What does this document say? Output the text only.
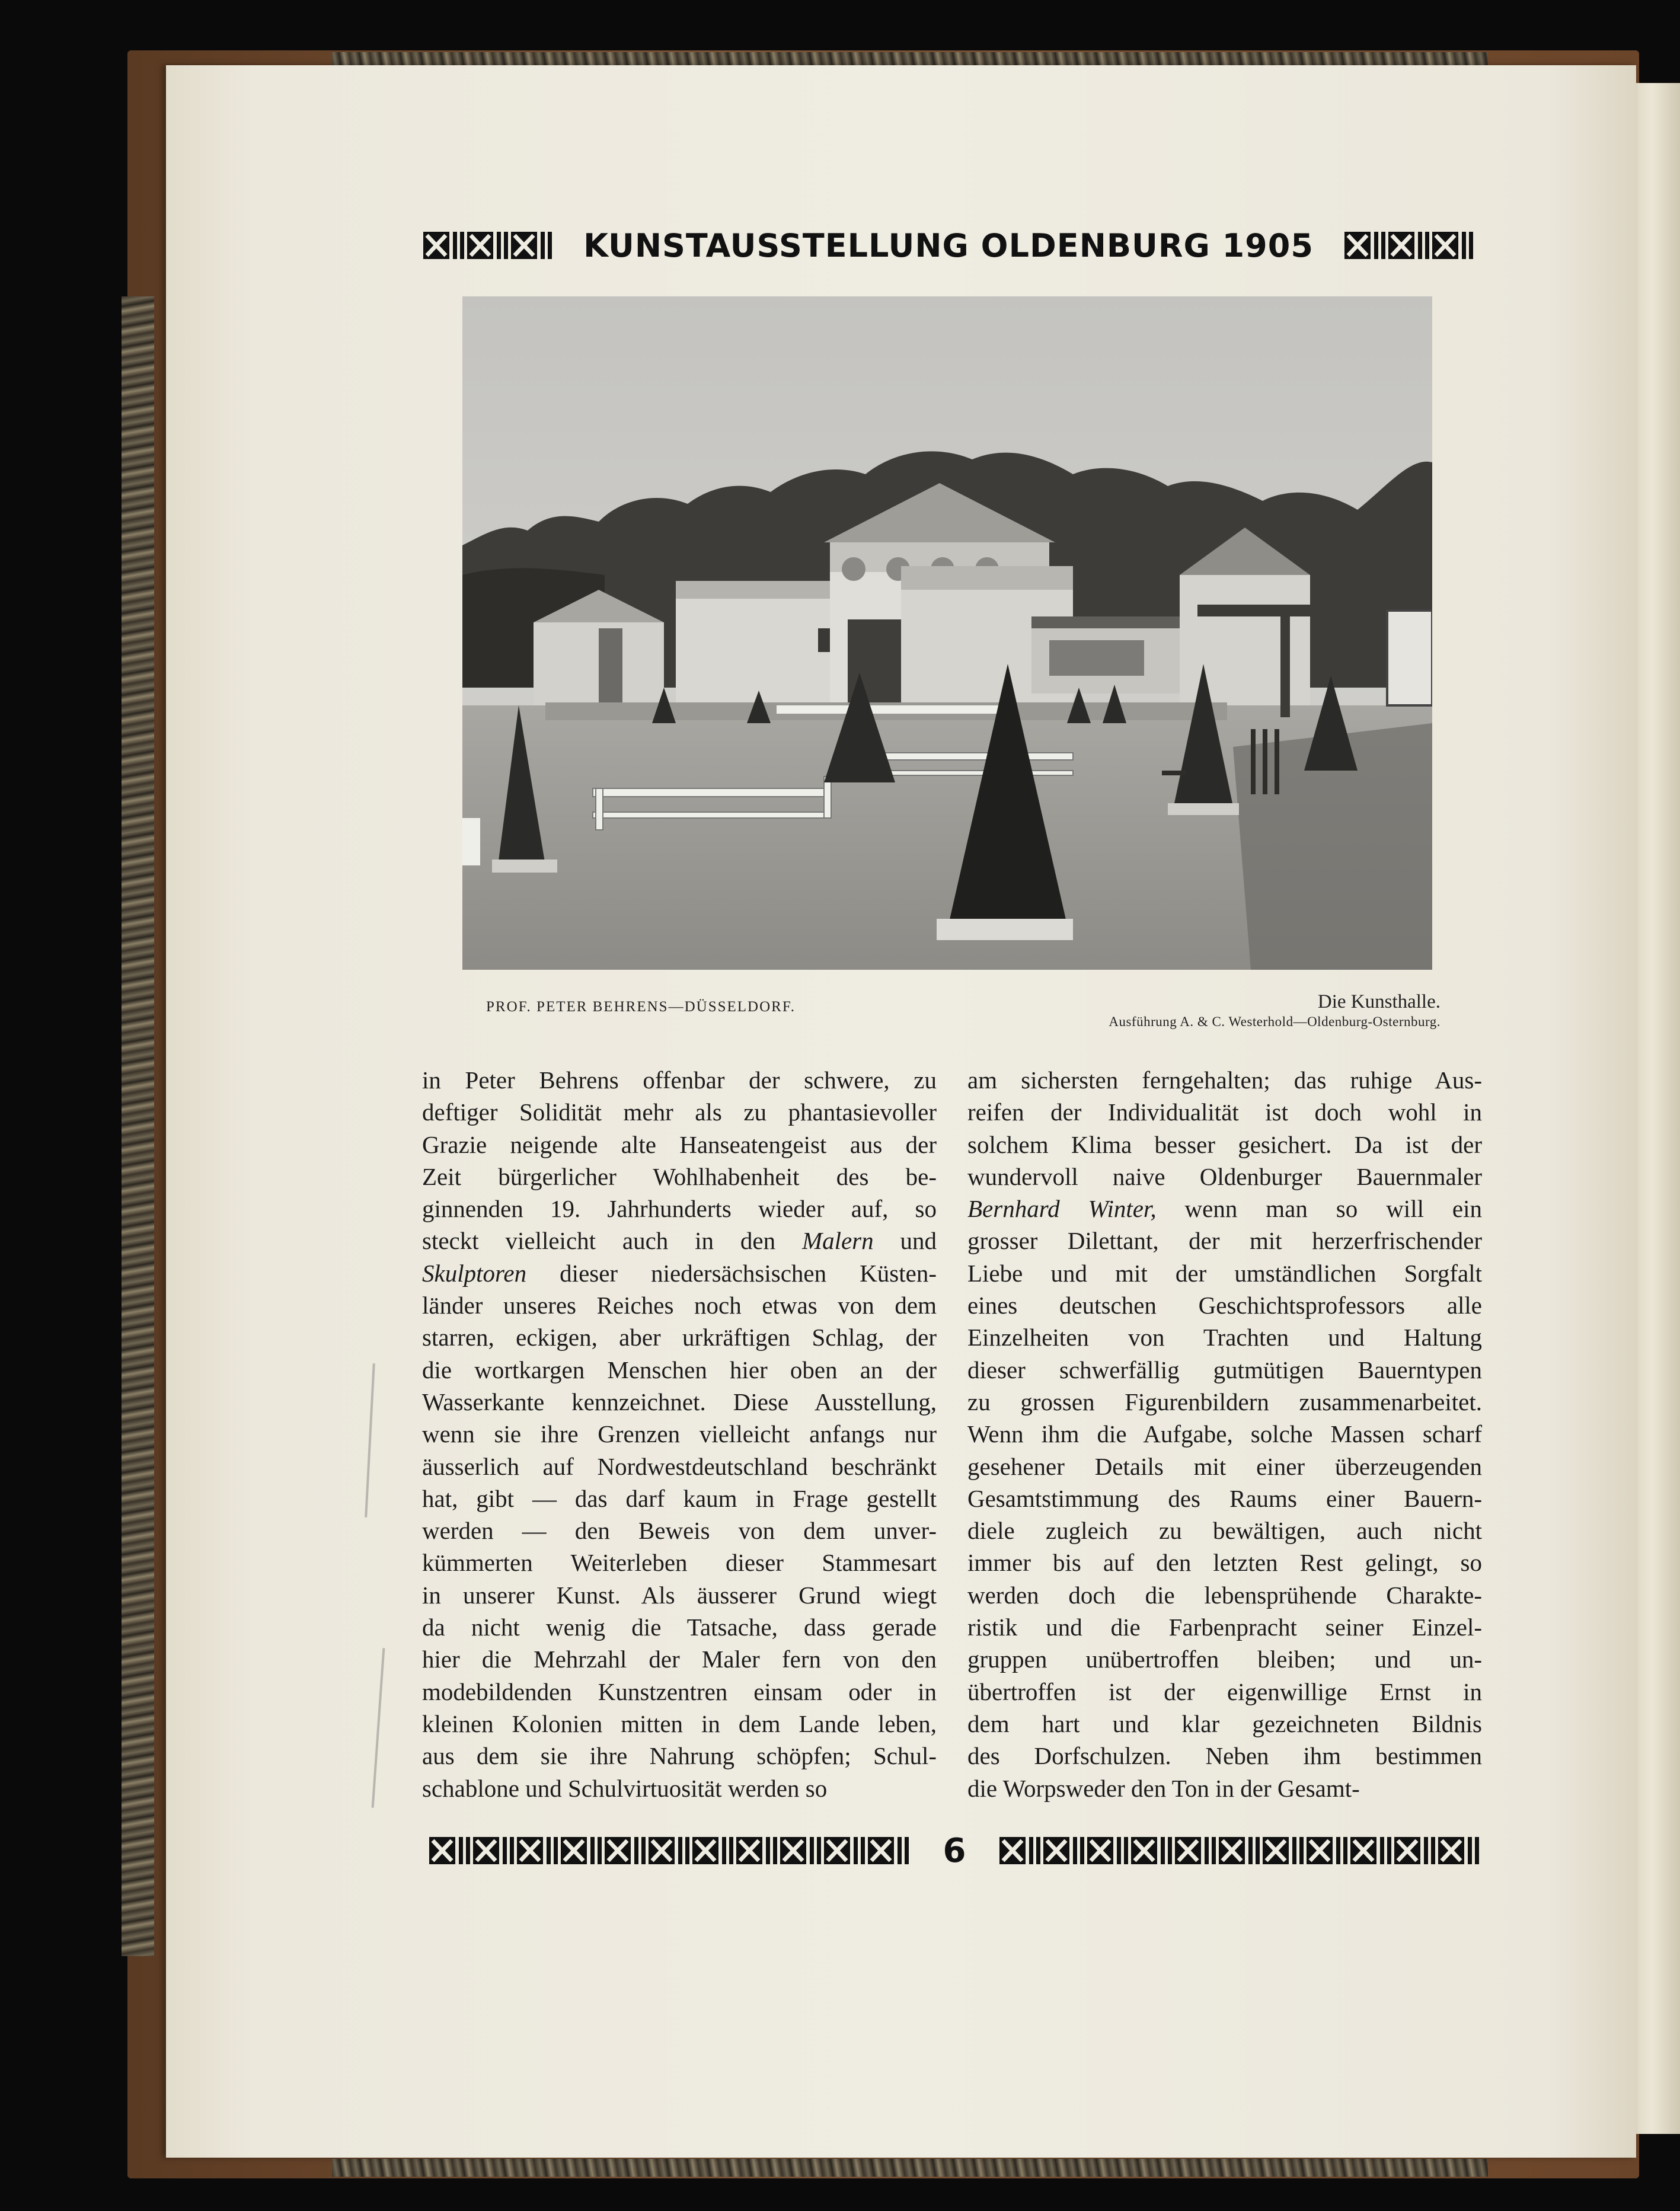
KUNSTAUSSTELLUNG OLDENBURG 1905
PROF. PETER BEHRENS—DÜSSELDORF.	Die Kunsthalle.
Ausführung A. & C. Westerhold—Oldenburg-Osternburg.
in Peter Behrens offenbar der schwere, zu
deftiger Solidität mehr als zu phantasievoller
Grazie neigende alte Hanseatengeist aus der
Zeit bürgerlicher Wohlhabenheit des be-
ginnenden 19. Jahrhunderts wieder auf, so
steckt vielleicht auch in den Malern und
Skulptoren dieser niedersächsischen Küsten-
länder unseres Reiches noch etwas von dem
starren, eckigen, aber urkräftigen Schlag, der
die wortkargen Menschen hier oben an der
Wasserkante kennzeichnet. Diese Ausstellung,
wenn sie ihre Grenzen vielleicht anfangs nur
äusserlich auf Nordwestdeutschland beschränkt
hat, gibt — das darf kaum in Frage gestellt
werden — den Beweis von dem unver-
kümmerten Weiterleben dieser Stammesart
in unserer Kunst. Als äusserer Grund wiegt
da nicht wenig die Tatsache, dass gerade
hier die Mehrzahl der Maler fern von den
modebildenden Kunstzentren einsam oder in
kleinen Kolonien mitten in dem Lande leben,
aus dem sie ihre Nahrung schöpfen; Schul-
schablone und Schulvirtuosität werden so
am sichersten ferngehalten; das ruhige Aus-
reifen der Individualität ist doch wohl in
solchem Klima besser gesichert. Da ist der
wundervoll naive Oldenburger Bauernmaler
Bernhard Winter, wenn man so will ein
grosser Dilettant, der mit herzerfrischender
Liebe und mit der umständlichen Sorgfalt
eines deutschen Geschichtsprofessors alle
Einzelheiten von Trachten und Haltung
dieser schwerfällig gutmütigen Bauerntypen
zu grossen Figurenbildern zusammenarbeitet.
Wenn ihm die Aufgabe, solche Massen scharf
gesehener Details mit einer überzeugenden
Gesamtstimmung des Raums einer Bauern-
diele zugleich zu bewältigen, auch nicht
immer bis auf den letzten Rest gelingt, so
werden doch die lebensprühende Charakte-
ristik und die Farbenpracht seiner Einzel-
gruppen unübertroffen bleiben; und un-
übertroffen ist der eigenwillige Ernst in
dem hart und klar gezeichneten Bildnis
des Dorfschulzen. Neben ihm bestimmen
die Worpsweder den Ton in der Gesamt-
6
